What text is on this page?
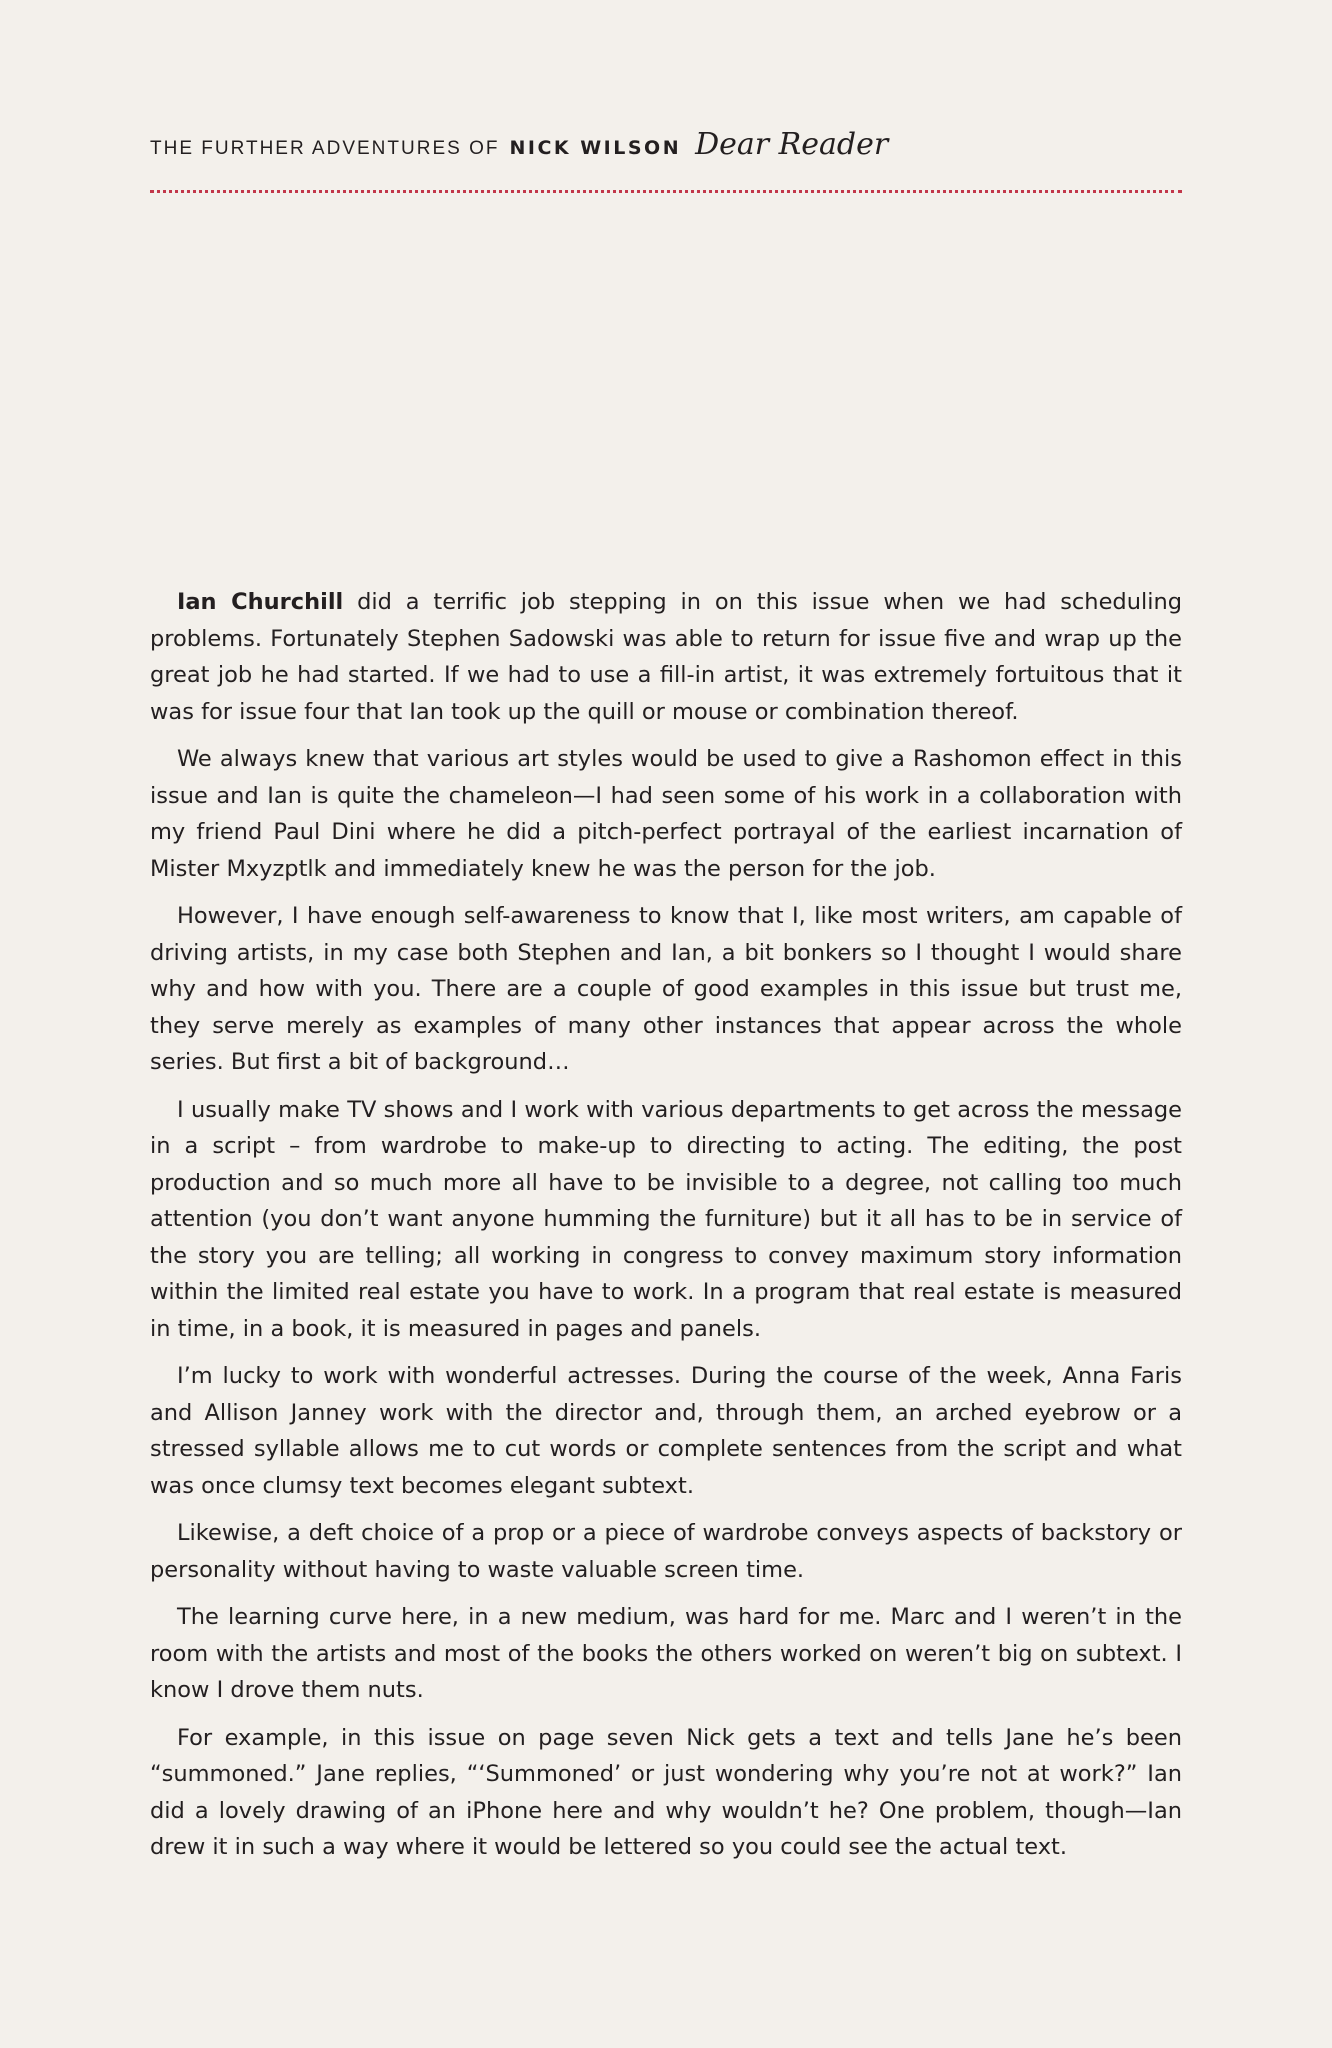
THE FURTHER ADVENTURES OF NICK WILSON Dear Reader

Ian Churchill did a terrific job stepping in on this issue when we had scheduling problems. Fortunately Stephen Sadowski was able to return for issue five and wrap up the great job he had started. If we had to use a fill-in artist, it was extremely fortuitous that it was for issue four that Ian took up the quill or mouse or combination thereof.

We always knew that various art styles would be used to give a Rashomon effect in this issue and Ian is quite the chameleon—I had seen some of his work in a collaboration with my friend Paul Dini where he did a pitch-perfect portrayal of the earliest incarnation of Mister Mxyzptlk and immediately knew he was the person for the job.

However, I have enough self-awareness to know that I, like most writers, am capable of driving artists, in my case both Stephen and Ian, a bit bonkers so I thought I would share why and how with you. There are a couple of good examples in this issue but trust me, they serve merely as examples of many other instances that appear across the whole series. But first a bit of background…

I usually make TV shows and I work with various departments to get across the message in a script – from wardrobe to make-up to directing to acting. The editing, the post production and so much more all have to be invisible to a degree, not calling too much attention (you don’t want anyone humming the furniture) but it all has to be in service of the story you are telling; all working in congress to convey maximum story information within the limited real estate you have to work. In a program that real estate is measured in time, in a book, it is measured in pages and panels.

I’m lucky to work with wonderful actresses. During the course of the week, Anna Faris and Allison Janney work with the director and, through them, an arched eyebrow or a stressed syllable allows me to cut words or complete sentences from the script and what was once clumsy text becomes elegant subtext.

Likewise, a deft choice of a prop or a piece of wardrobe conveys aspects of backstory or personality without having to waste valuable screen time.

The learning curve here, in a new medium, was hard for me. Marc and I weren’t in the room with the artists and most of the books the others worked on weren’t big on subtext. I know I drove them nuts.

For example, in this issue on page seven Nick gets a text and tells Jane he’s been “summoned.” Jane replies, “‘Summoned’ or just wondering why you’re not at work?” Ian did a lovely drawing of an iPhone here and why wouldn’t he? One problem, though—Ian drew it in such a way where it would be lettered so you could see the actual text.
